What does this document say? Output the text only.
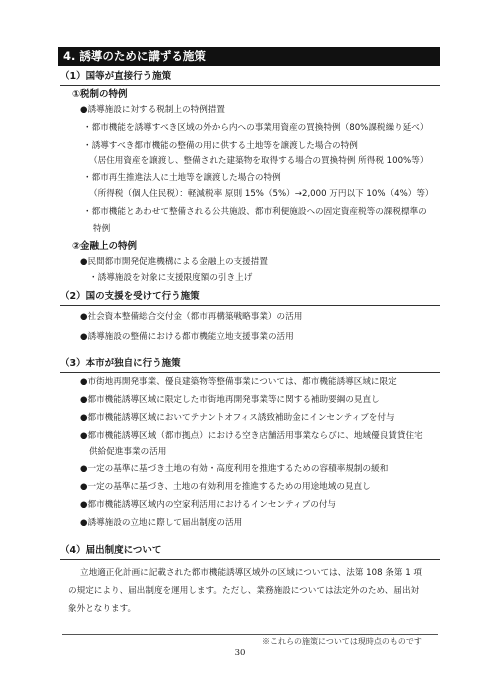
4. 誘導のために講ずる施策
（1）国等が直接行う施策
①税制の特例
●誘導施設に対する税制上の特例措置
・都市機能を誘導すべき区域の外から内への事業用資産の買換特例（80%課税繰り延べ）
・誘導すべき都市機能の整備の用に供する土地等を譲渡した場合の特例
（居住用資産を譲渡し、整備された建築物を取得する場合の買換特例 所得税 100%等）
・都市再生推進法人に土地等を譲渡した場合の特例
（所得税（個人住民税）：軽減税率 原則 15%（5%）→2,000 万円以下 10%（4%）等）
・都市機能とあわせて整備される公共施設、都市利便施設への固定資産税等の課税標準の
特例
②金融上の特例
●民間都市開発促進機構による金融上の支援措置
・誘導施設を対象に支援限度額の引き上げ
（2）国の支援を受けて行う施策
●社会資本整備総合交付金（都市再構築戦略事業）の活用
●誘導施設の整備における都市機能立地支援事業の活用
（3）本市が独自に行う施策
●市街地再開発事業、優良建築物等整備事業については、都市機能誘導区域に限定
●都市機能誘導区域に限定した市街地再開発事業等に関する補助要綱の見直し
●都市機能誘導区域においてテナントオフィス誘致補助金にインセンティブを付与
●都市機能誘導区域（都市拠点）における空き店舗活用事業ならびに、地域優良賃貸住宅
供給促進事業の活用
●一定の基準に基づき土地の有効・高度利用を推進するための容積率規制の緩和
●一定の基準に基づき、土地の有効利用を推進するための用途地域の見直し
●都市機能誘導区域内の空家利活用におけるインセンティブの付与
●誘導施設の立地に際して届出制度の活用
（4）届出制度について
立地適正化計画に記載された都市機能誘導区域外の区域については、法第 108 条第 1 項
の規定により、届出制度を運用します。ただし、業務施設については法定外のため、届出対
象外となります。
※これらの施策については現時点のものです
30
